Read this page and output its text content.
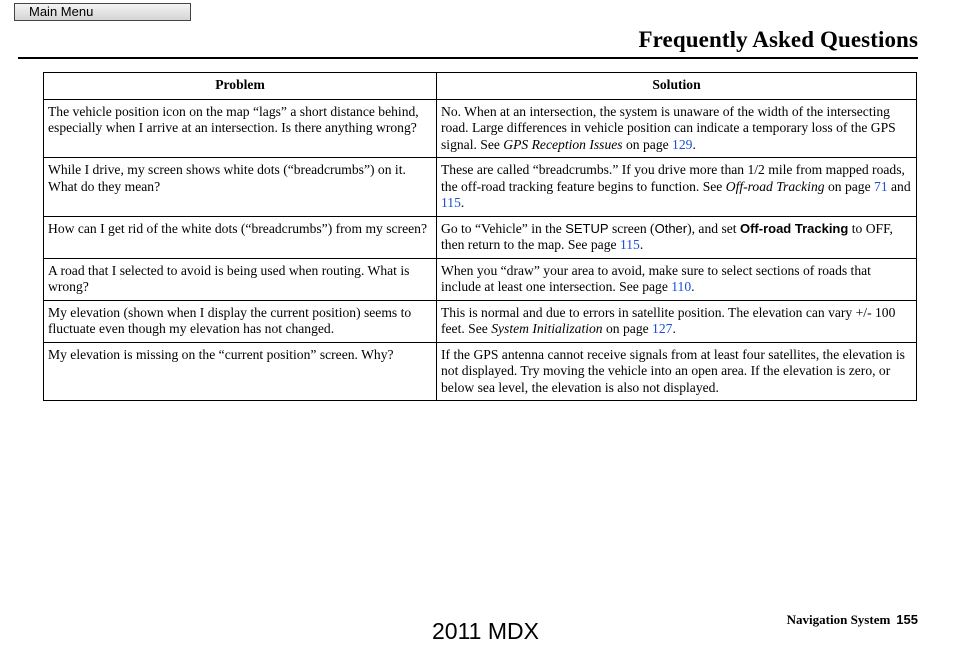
Main Menu
Frequently Asked Questions
Problem	Solution
The vehicle position icon on the map “lags” a short distance behind, especially when I arrive at an intersection. Is there anything wrong?	No. When at an intersection, the system is unaware of the width of the intersecting road. Large differences in vehicle position can indicate a temporary loss of the GPS signal. See GPS Reception Issues on page 129.
While I drive, my screen shows white dots (“breadcrumbs”) on it. What do they mean?	These are called “breadcrumbs.” If you drive more than 1/2 mile from mapped roads, the off-road tracking feature begins to function. See Off-road Tracking on page 71 and 115.
How can I get rid of the white dots (“breadcrumbs”) from my screen?	Go to “Vehicle” in the SETUP screen (Other), and set Off-road Tracking to OFF, then return to the map. See page 115.
A road that I selected to avoid is being used when routing. What is wrong?	When you “draw” your area to avoid, make sure to select sections of roads that include at least one intersection. See page 110.
My elevation (shown when I display the current position) seems to fluctuate even though my elevation has not changed.	This is normal and due to errors in satellite position. The elevation can vary +/- 100 feet. See System Initialization on page 127.
My elevation is missing on the “current position” screen. Why?	If the GPS antenna cannot receive signals from at least four satellites, the elevation is not displayed. Try moving the vehicle into an open area. If the elevation is zero, or below sea level, the elevation is also not displayed.
Navigation System 155
2011 MDX
